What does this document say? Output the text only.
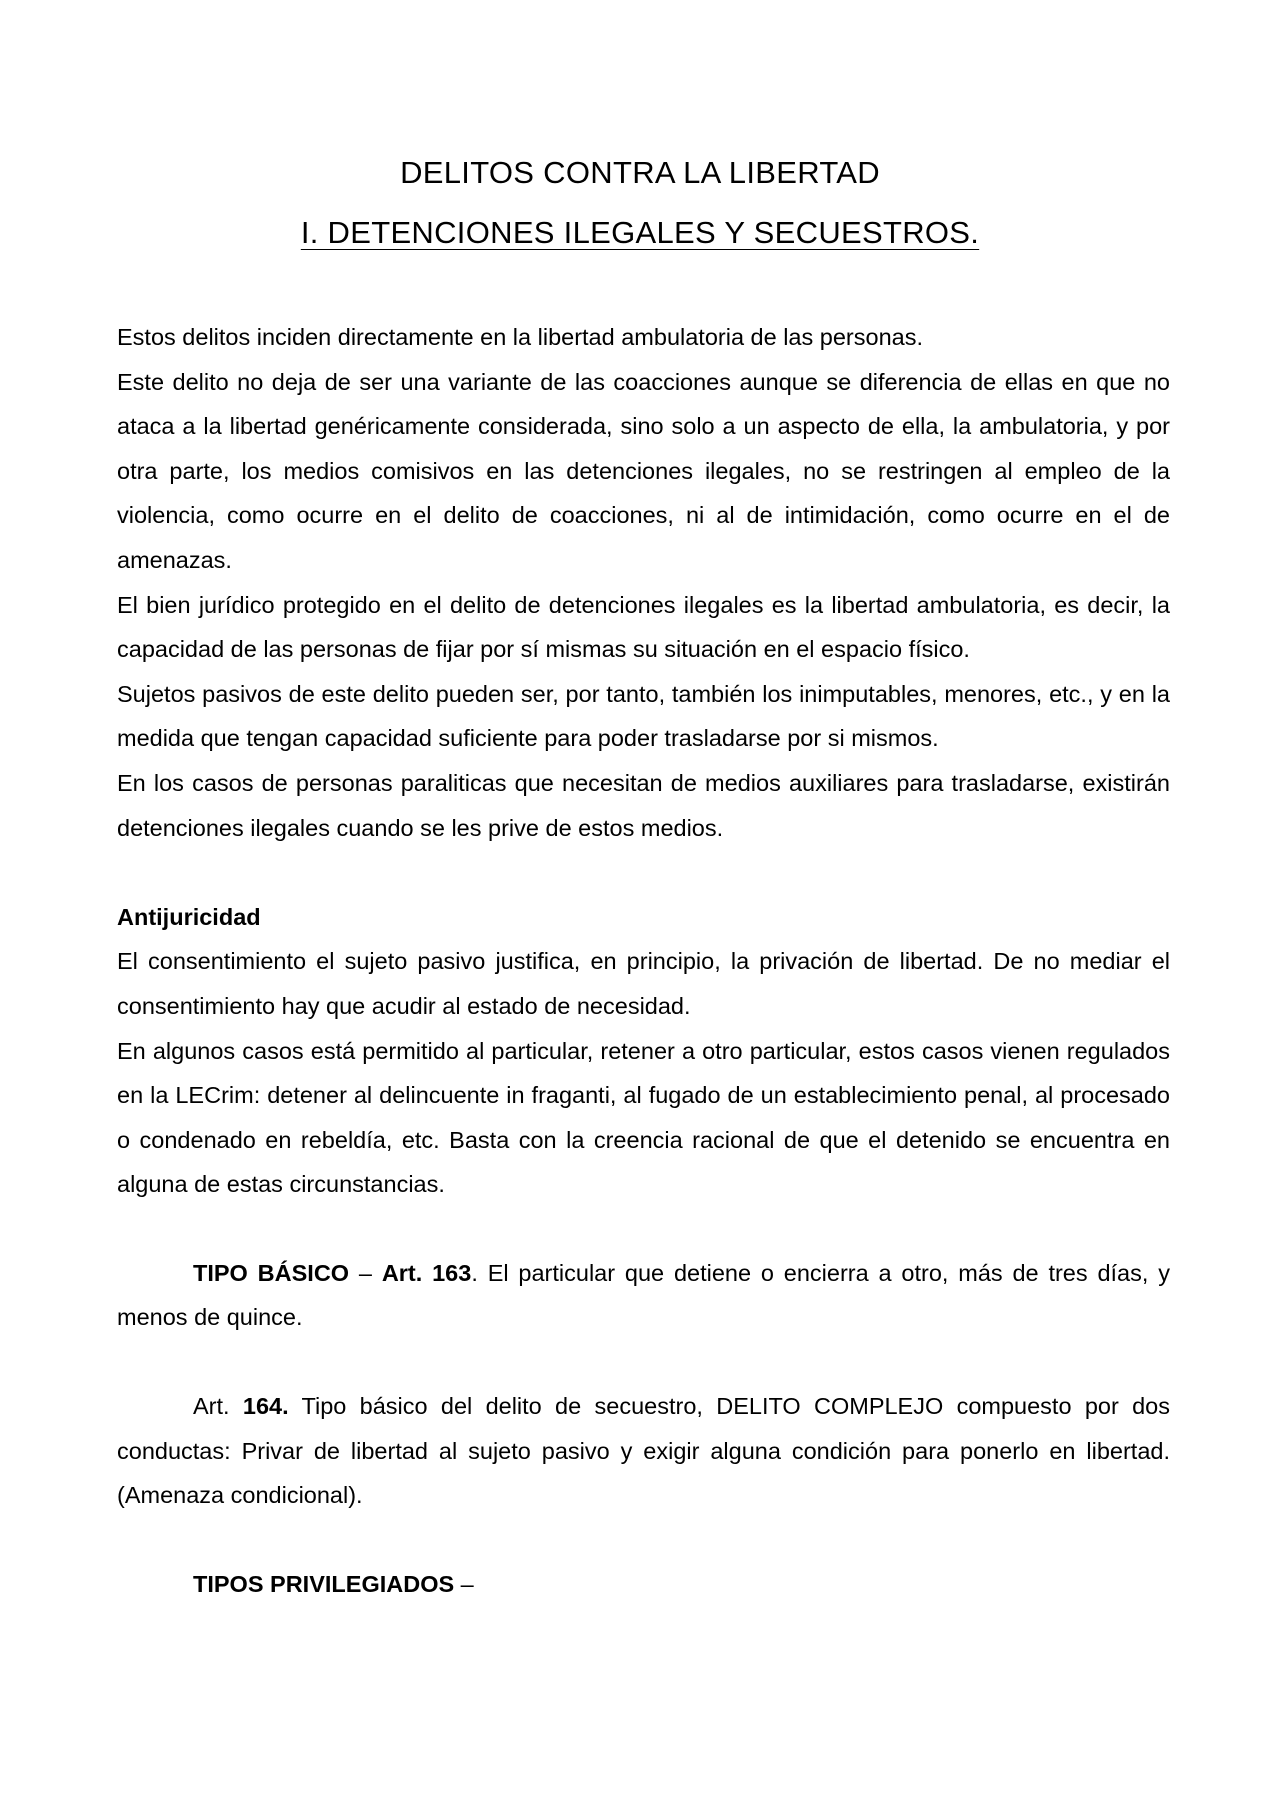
DELITOS CONTRA LA LIBERTAD
I. DETENCIONES ILEGALES Y SECUESTROS.

Estos delitos inciden directamente en la libertad ambulatoria de las personas.

Este delito no deja de ser una variante de las coacciones aunque se diferencia de ellas en que no ataca a la libertad genéricamente considerada, sino solo a un aspecto de ella, la ambulatoria, y por otra parte, los medios comisivos en las detenciones ilegales, no se restringen al empleo de la violencia, como ocurre en el delito de coacciones, ni al de intimidación, como ocurre en el de amenazas.

El bien jurídico protegido en el delito de detenciones ilegales es la libertad ambulatoria, es decir, la capacidad de las personas de fijar por sí mismas su situación en el espacio físico.

Sujetos pasivos de este delito pueden ser, por tanto, también los inimputables, menores, etc., y en la medida que tengan capacidad suficiente para poder trasladarse por si mismos.

En los casos de personas paraliticas que necesitan de medios auxiliares para trasladarse, existirán detenciones ilegales cuando se les prive de estos medios.

Antijuricidad

El consentimiento el sujeto pasivo justifica, en principio, la privación de libertad. De no mediar el consentimiento hay que acudir al estado de necesidad.

En algunos casos está permitido al particular, retener a otro particular, estos casos vienen regulados en la LECrim: detener al delincuente in fraganti, al fugado de un establecimiento penal, al procesado o condenado en rebeldía, etc. Basta con la creencia racional de que el detenido se encuentra en alguna de estas circunstancias.

TIPO BÁSICO – Art. 163. El particular que detiene o encierra a otro, más de tres días, y menos de quince.

Art. 164. Tipo básico del delito de secuestro, DELITO COMPLEJO compuesto por dos conductas: Privar de libertad al sujeto pasivo y exigir alguna condición para ponerlo en libertad. (Amenaza condicional).

TIPOS PRIVILEGIADOS –
